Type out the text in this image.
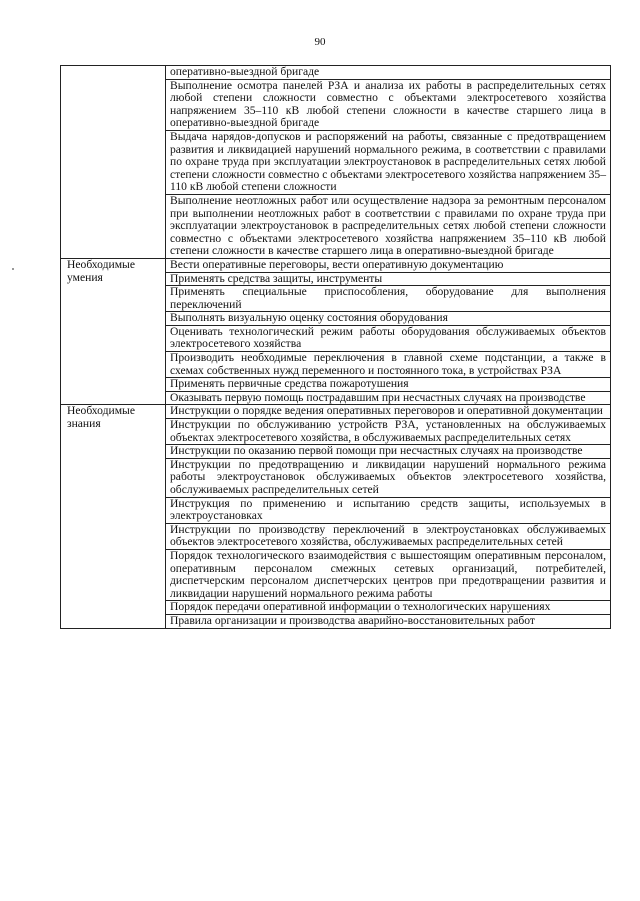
90
	оперативно-выездной бригаде
	Выполнение осмотра панелей РЗА и анализа их работы в распределительных сетях любой степени сложности совместно с объектами электросетевого хозяйства напряжением 35–110 кВ любой степени сложности в качестве старшего лица в оперативно-выездной бригаде
	Выдача нарядов-допусков и распоряжений на работы, связанные с предотвращением развития и ликвидацией нарушений нормального режима, в соответствии с правилами по охране труда при эксплуатации электроустановок в распределительных сетях любой степени сложности совместно с объектами электросетевого хозяйства напряжением 35–110 кВ любой степени сложности
	Выполнение неотложных работ или осуществление надзора за ремонтным персоналом при выполнении неотложных работ в соответствии с правилами по охране труда при эксплуатации электроустановок в распределительных сетях любой степени сложности совместно с объектами электросетевого хозяйства напряжением 35–110 кВ любой степени сложности в качестве старшего лица в оперативно-выездной бригаде
Необходимые умения	Вести оперативные переговоры, вести оперативную документацию
	Применять средства защиты, инструменты
	Применять специальные приспособления, оборудование для выполнения переключений
	Выполнять визуальную оценку состояния оборудования
	Оценивать технологический режим работы оборудования обслуживаемых объектов электросетевого хозяйства
	Производить необходимые переключения в главной схеме подстанции, а также в схемах собственных нужд переменного и постоянного тока, в устройствах РЗА
	Применять первичные средства пожаротушения
	Оказывать первую помощь пострадавшим при несчастных случаях на производстве
Необходимые знания	Инструкции о порядке ведения оперативных переговоров и оперативной документации
	Инструкции по обслуживанию устройств РЗА, установленных на обслуживаемых объектах электросетевого хозяйства, в обслуживаемых распределительных сетях
	Инструкции по оказанию первой помощи при несчастных случаях на производстве
	Инструкции по предотвращению и ликвидации нарушений нормального режима работы электроустановок обслуживаемых объектов электросетевого хозяйства, обслуживаемых распределительных сетей
	Инструкция по применению и испытанию средств защиты, используемых в электроустановках
	Инструкции по производству переключений в электроустановках обслуживаемых объектов электросетевого хозяйства, обслуживаемых распределительных сетей
	Порядок технологического взаимодействия с вышестоящим оперативным персоналом, оперативным персоналом смежных сетевых организаций, потребителей, диспетчерским персоналом диспетчерских центров при предотвращении развития и ликвидации нарушений нормального режима работы
	Порядок передачи оперативной информации о технологических нарушениях
	Правила организации и производства аварийно-восстановительных работ
